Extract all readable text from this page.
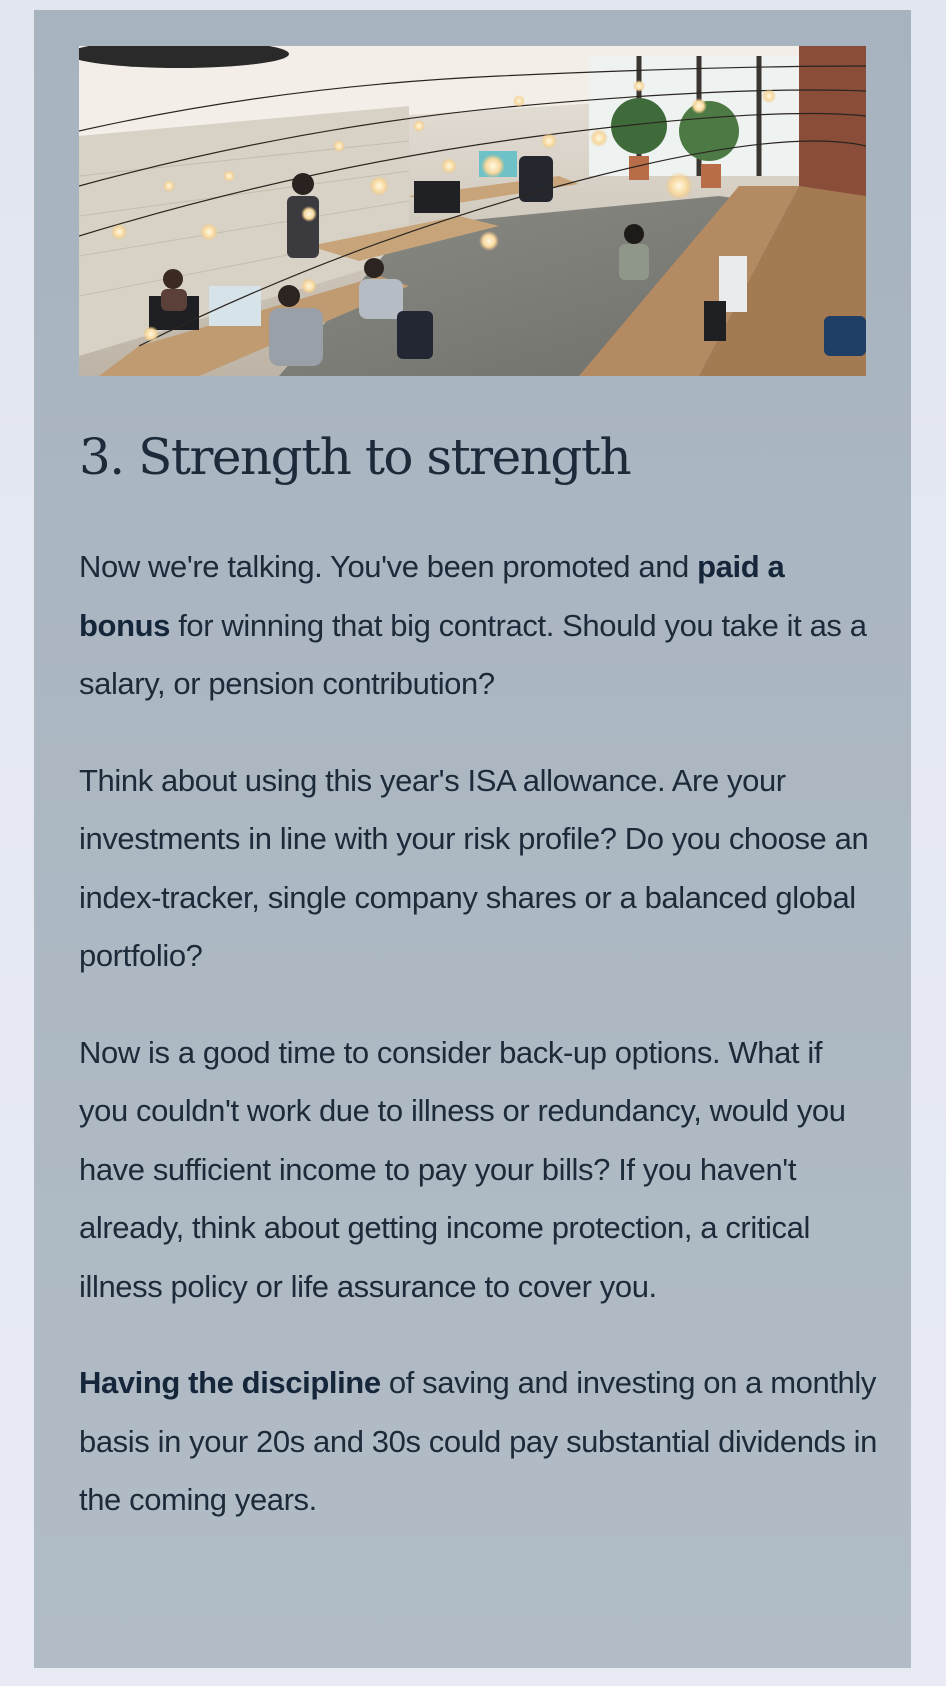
3. Strength to strength

Now we're talking. You've been promoted and paid a bonus for winning that big contract. Should you take it as a salary, or pension contribution?

Think about using this year's ISA allowance. Are your investments in line with your risk profile? Do you choose an index-tracker, single company shares or a balanced global portfolio?

Now is a good time to consider back-up options. What if you couldn't work due to illness or redundancy, would you have sufficient income to pay your bills? If you haven't already, think about getting income protection, a critical illness policy or life assurance to cover you.

Having the discipline of saving and investing on a monthly basis in your 20s and 30s could pay substantial dividends in the coming years.
